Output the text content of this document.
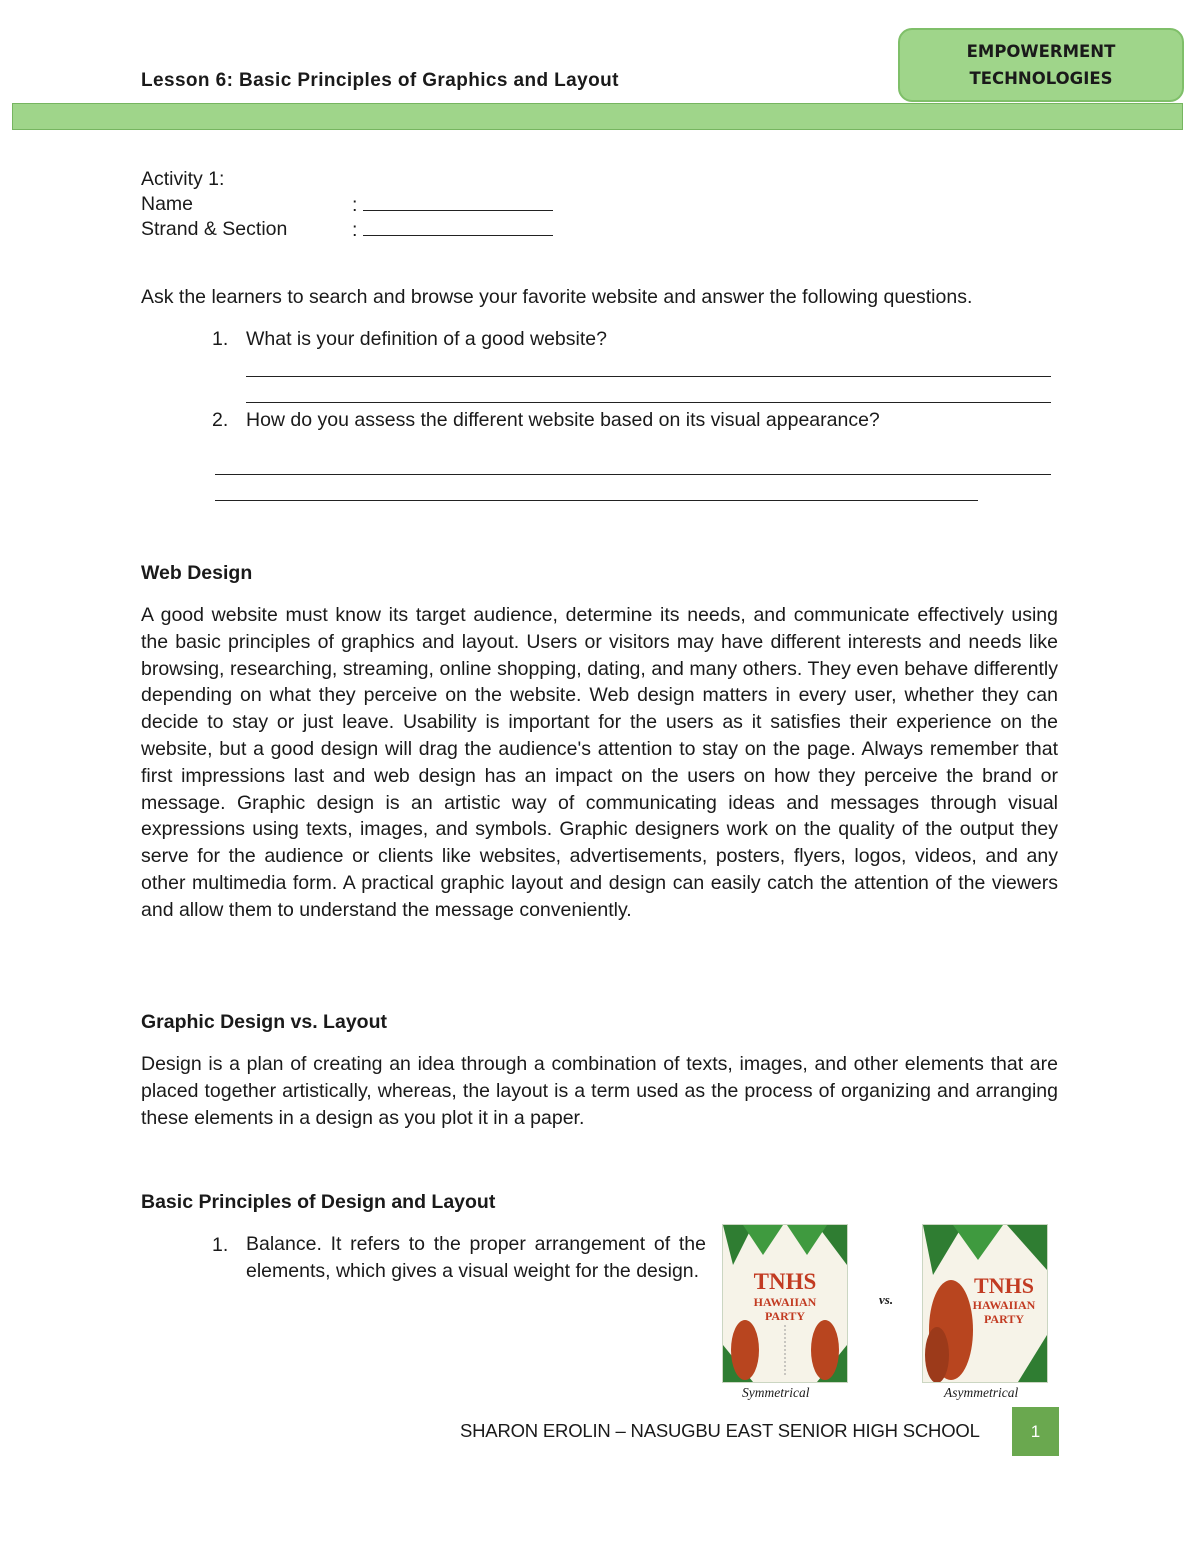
Lesson 6: Basic Principles of Graphics and Layout
EMPOWERMENT
TECHNOLOGIES
Activity 1:
Name	:
Strand & Section	:
Ask the learners to search and browse your favorite website and answer the following questions.
1. What is your definition of a good website?
2. How do you assess the different website based on its visual appearance?
Web Design
A good website must know its target audience, determine its needs, and communicate effectively using the basic principles of graphics and layout. Users or visitors may have different interests and needs like browsing, researching, streaming, online shopping, dating, and many others. They even behave differently depending on what they perceive on the website. Web design matters in every user, whether they can decide to stay or just leave. Usability is important for the users as it satisfies their experience on the website, but a good design will drag the audience's attention to stay on the page. Always remember that first impressions last and web design has an impact on the users on how they perceive the brand or message. Graphic design is an artistic way of communicating ideas and messages through visual expressions using texts, images, and symbols. Graphic designers work on the quality of the output they serve for the audience or clients like websites, advertisements, posters, flyers, logos, videos, and any other multimedia form. A practical graphic layout and design can easily catch the attention of the viewers and allow them to understand the message conveniently.
Graphic Design vs. Layout
Design is a plan of creating an idea through a combination of texts, images, and other elements that are placed together artistically, whereas, the layout is a term used as the process of organizing and arranging these elements in a design as you plot it in a paper.
Basic Principles of Design and Layout
1. Balance. It refers to the proper arrangement of the elements, which gives a visual weight for the design.	TNHS
HAWAIIAN
PARTY
vs.
TNHS
HAWAIIAN
PARTY
Symmetrical	Asymmetrical
SHARON EROLIN – NASUGBU EAST SENIOR HIGH SCHOOL	1
